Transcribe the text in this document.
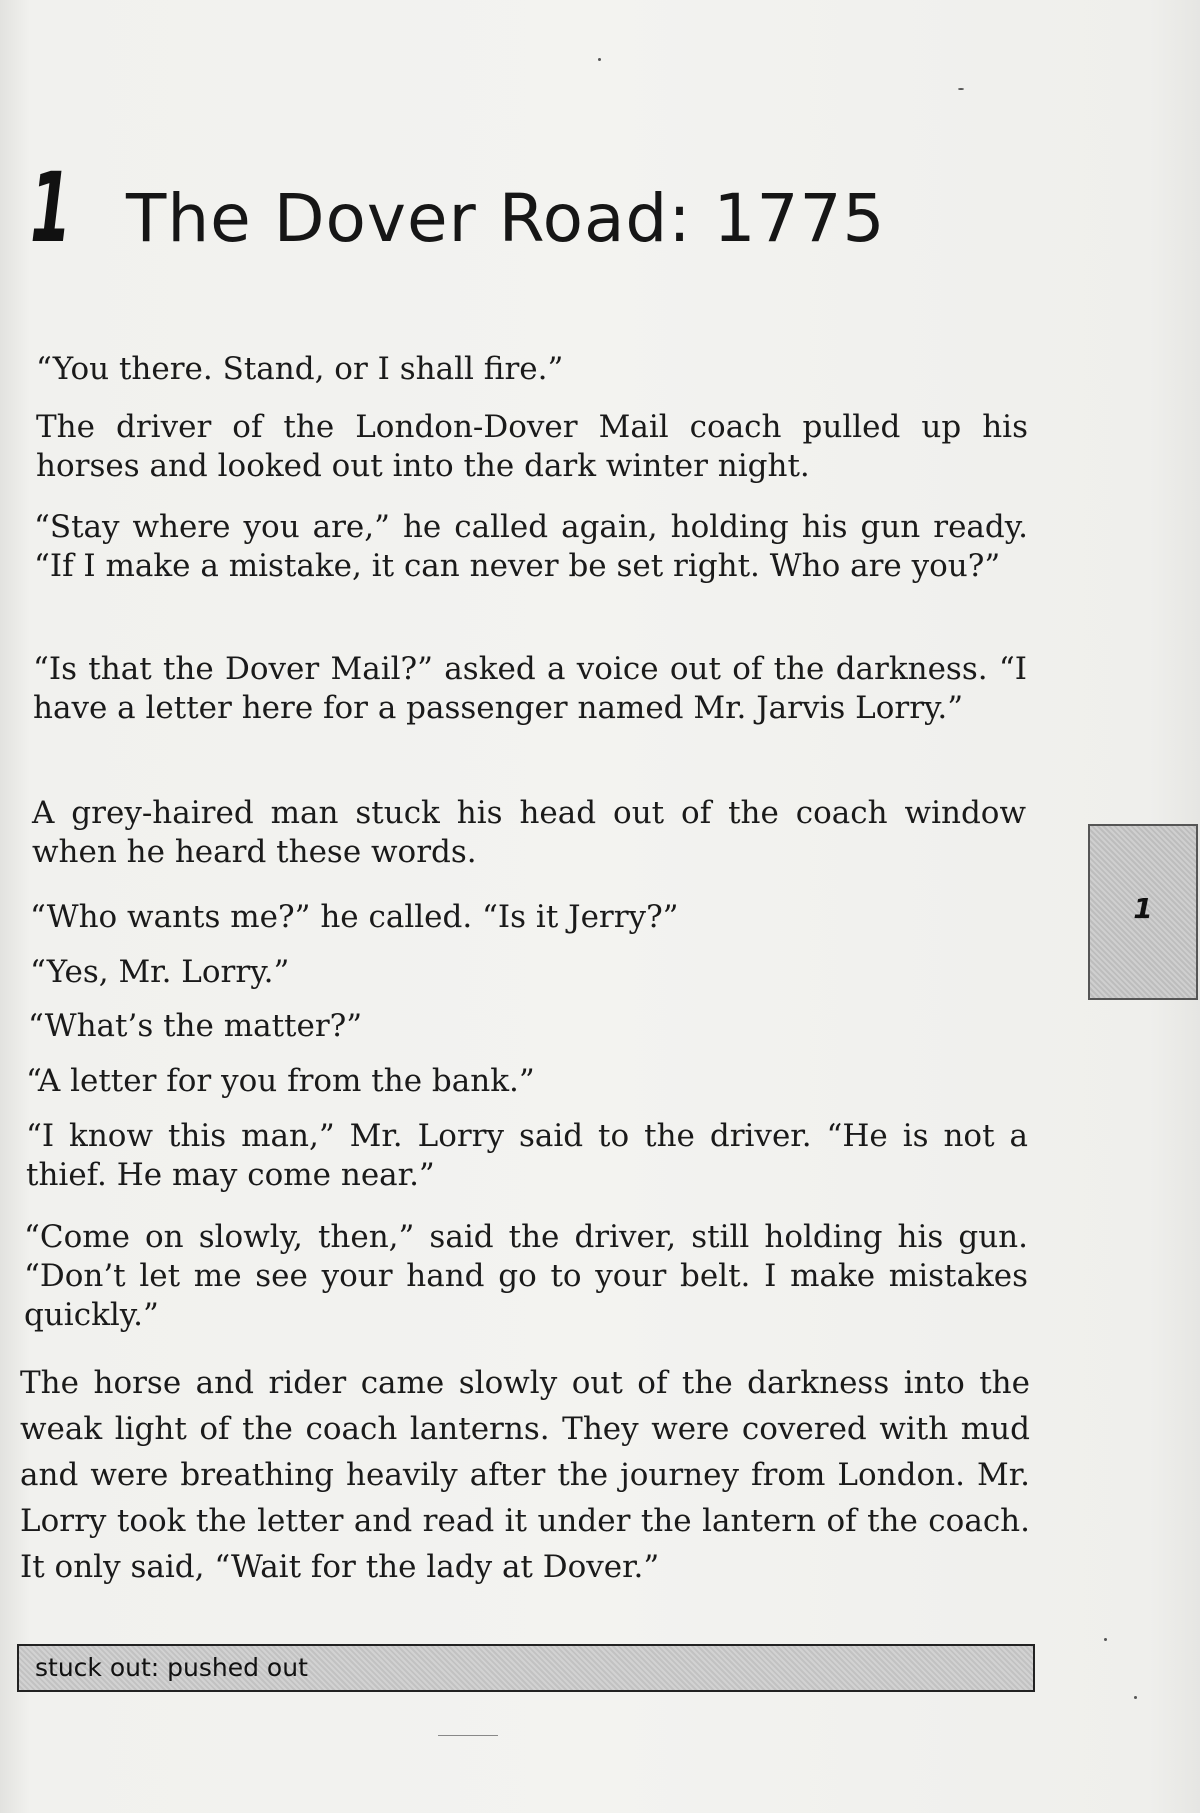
1 The Dover Road: 1775

“You there. Stand, or I shall fire.”

The driver of the London-Dover Mail coach pulled up his horses and looked out into the dark winter night.

“Stay where you are,” he called again, holding his gun ready. “If I make a mistake, it can never be set right. Who are you?”

“Is that the Dover Mail?” asked a voice out of the darkness. “I have a letter here for a passenger named Mr. Jarvis Lorry.”

A grey-haired man stuck his head out of the coach window when he heard these words.

“Who wants me?” he called. “Is it Jerry?”

“Yes, Mr. Lorry.”

“What’s the matter?”

“A letter for you from the bank.”

“I know this man,” Mr. Lorry said to the driver. “He is not a thief. He may come near.”

“Come on slowly, then,” said the driver, still holding his gun. “Don’t let me see your hand go to your belt. I make mistakes quickly.”

The horse and rider came slowly out of the darkness into the weak light of the coach lanterns. They were covered with mud and were breathing heavily after the journey from London. Mr. Lorry took the letter and read it under the lantern of the coach. It only said, “Wait for the lady at Dover.”

1
stuck out: pushed out
